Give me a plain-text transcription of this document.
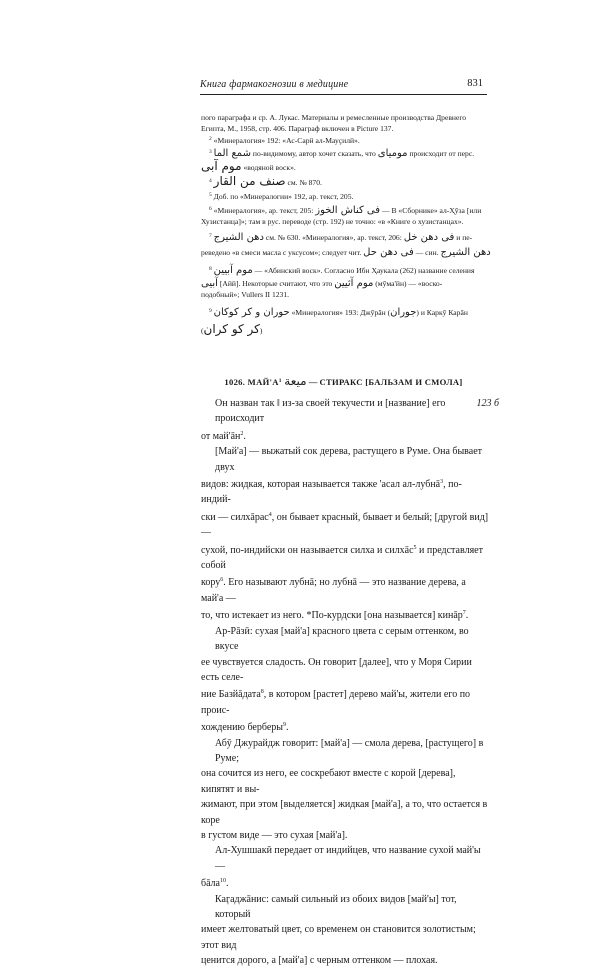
Книга фармакогнозии в медицине	831

пого параграфа и ср. А. Лукас. Материалы и ремесленные производства Древнего

Египта, М., 1958, стр. 406. Параграф включен в Picture 137.

$^2$ «Минералогия» 192: «Ас-Сарй ал-Мауҫилй».

$^3$ شمع الما по-видимому, автор хочет сказать, что موميای происходит от перс.

موم آبی «водяной воск».

$^4$ صنف من القار см. № 870.

$^5$ Доб. по «Минералогии» 192, ар. текст, 205.

$^6$ «Минералогия», ар. текст, 205: فی كناش الخوز — В «Сборнике» ал-Ҳӯза [или

Хузистанца]»; там в рус. переводе (стр. 192) не точно: «в «Книге о хузистанцах».

$^7$ دهن الشيرج см. № 630. «Минералогия», ар. текст, 206: فی دهن خل и пе-

реведено «в смеси масла с уксусом»; следует чит. فی دهن حل — син. دهن الشيرج

$^8$ موم آبيين — «Абинский воск». Согласно Ибн Ҳаукала (262) название селения

آبيی [Айй]. Некоторые считают, что это موم آثيين (мӯма'йн) — «воско-

подобный»; Vullers II 1231.

$^9$ حوران و كر كوكان «Минералогия» 193: Джӯрāн (جوران) и Каркӯ Карāн

(كر كو كران)

1026. $МАЙ'А^1$ ميعة — СТИРАКС [БАЛЬЗАМ И СМОЛА]
123 б

Он назван так ‖ из-за своей текучести и [название] его происходит

от $май'āн^2$.

[Май'а] — выжатый сок дерева, растущего в Руме. Она бывает двух

видов: жидкая, которая называется также 'асал ал-лубнā$^3$, по-индий-

ски — силхāрас$^4$, он бывает красный, бывает и белый; [другой вид] —

сухой, по-индийски он называется силха и силхāс$^5$ и представляет собой

кору$^6$. Его называют лубнā; но лубнā — это название дерева, а май'а —

то, что истекает из него. *По-курдски [она называется] кинāр$^7$.

Ар-Рāзӣ: сухая [май'а] красного цвета с серым оттенком, во вкусе

ее чувствуется сладость. Он говорит [далее], что у Моря Сирии есть селе-

ние Базйāдата$^8$, в котором [растет] дерево май'ы, жители его по проис-

хождению берберы$^9$.

Абӯ Джурайдж говорит: [май'а] — смола дерева, [растущего] в Руме;

она сочится из него, ее соскребают вместе с корой [дерева], кипятят и вы-

жимают, при этом [выделяется] жидкая [май'а], а то, что остается в коре

в густом виде — это сухая [май'а].

Ал-Хушшакӣ передает от индийцев, что название сухой май'ы —

бāла$^{10}$.

Каӷаджāнис: самый сильный из обоих видов [май'ы] тот, который

имеет желтоватый цвет, со временем он становится золотистым; этот вид

ценится дорого, а [май'а] с черным оттенком — плохая.
